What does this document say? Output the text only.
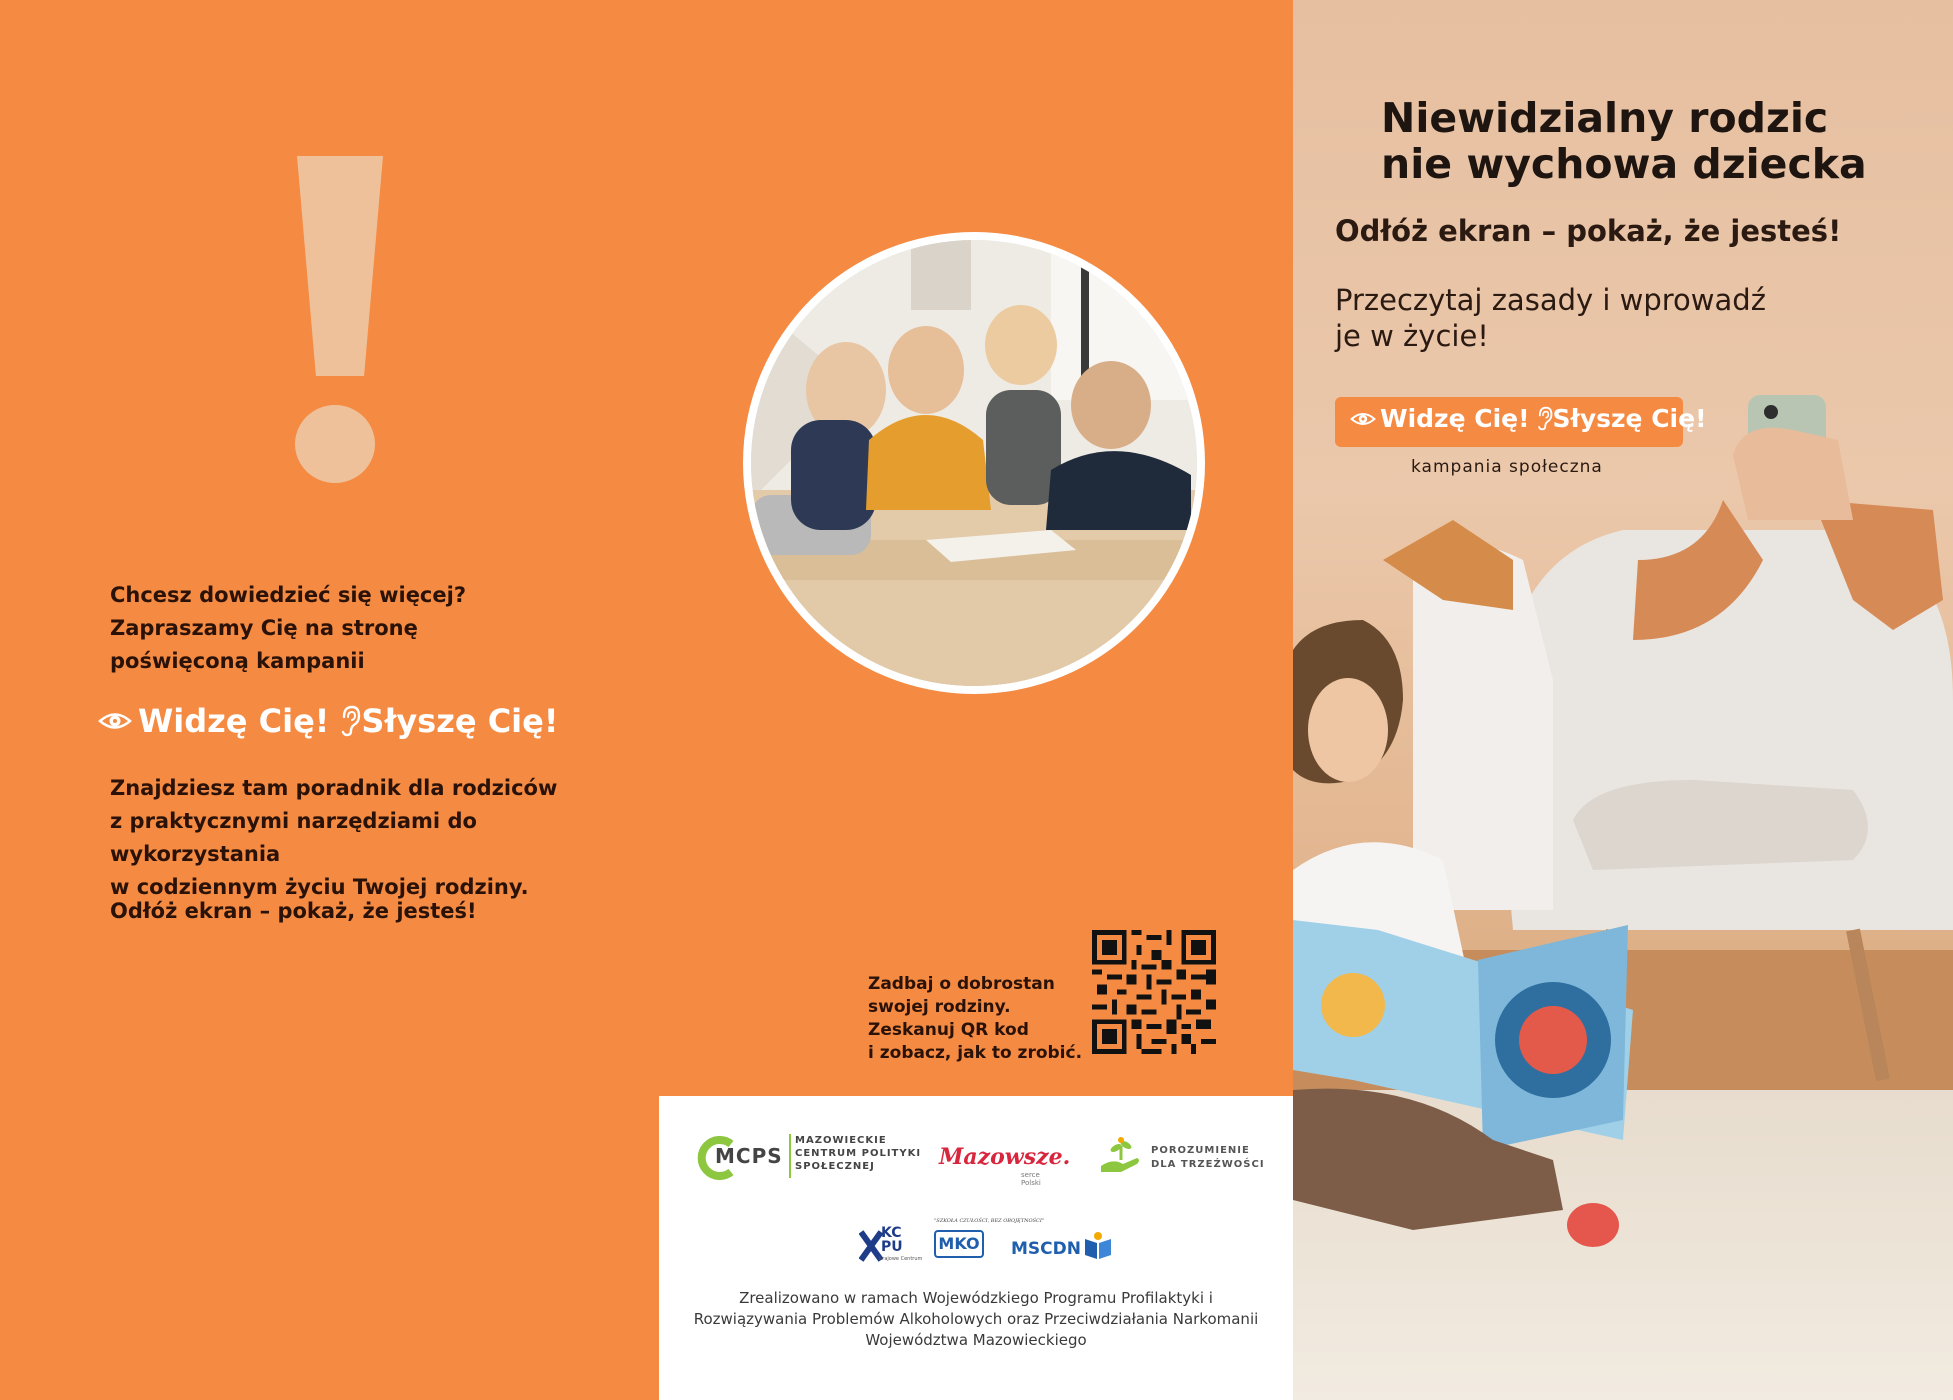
Chcesz dowiedzieć się więcej?

Zapraszamy Cię na stronę

poświęconą kampanii

Widzę Cię! Słyszę Cię!

Znajdziesz tam poradnik dla rodziców

z praktycznymi narzędziami do wykorzystania

w codziennym życiu Twojej rodziny.

Odłóż ekran – pokaż, że jesteś!

Zadbaj o dobrostan

swojej rodziny.

Zeskanuj QR kod

i zobacz, jak to zrobić.

MCPS
MAZOWIECKIE
CENTRUM POLITYKI
SPOŁECZNEJ	Mazowsze.
serce Polski
POROZUMIENIE
DLA TRZEŹWOŚCI
KC
PU
Krajowe Centrum
"SZKOŁA CZUŁOŚCI, BEZ OBOJĘTNOŚCI"
MKO MSCDN
Zrealizowano w ramach Wojewódzkiego Programu Profilaktyki i Rozwiązywania Problemów Alkoholowych oraz Przeciwdziałania Narkomanii Województwa Mazowieckiego
Niewidzialny rodzic
nie wychowa dziecka
Odłóż ekran – pokaż, że jesteś!
Przeczytaj zasady i wprowadź
je w życie!
Widzę Cię! Słyszę Cię!
kampania społeczna
